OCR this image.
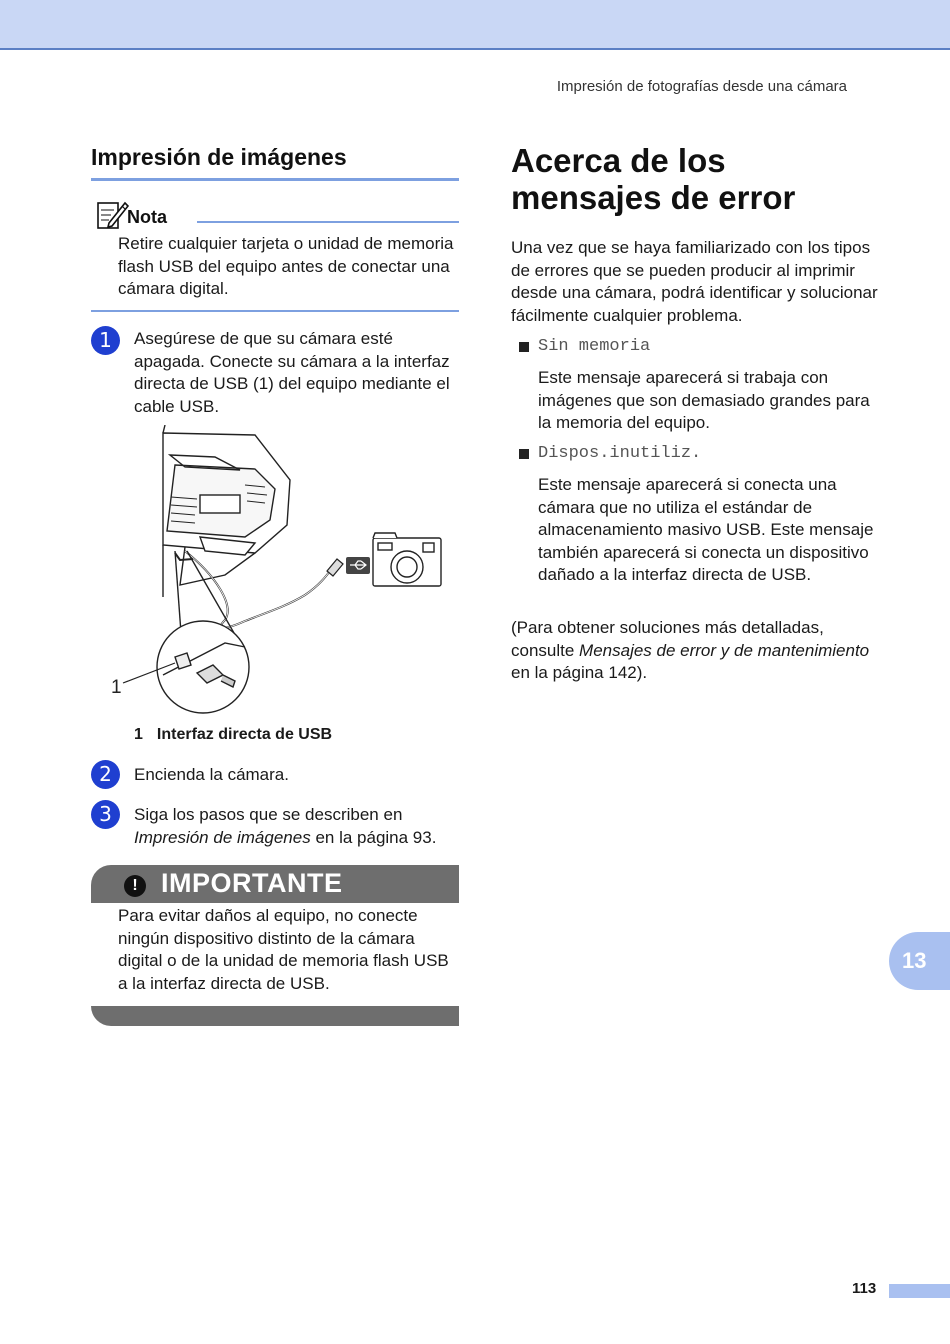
Impresión de fotografías desde una cámara
Impresión de imágenes
Nota
Retire cualquier tarjeta o unidad de memoria flash USB del equipo antes de conectar una cámara digital.
1	Asegúrese de que su cámara esté apagada. Conecte su cámara a la interfaz directa de USB (1) del equipo mediante el cable USB.
1
1 Interfaz directa de USB
2	Encienda la cámara.
3	Siga los pasos que se describen en Impresión de imágenes en la página 93.
! IMPORTANTE
Para evitar daños al equipo, no conecte ningún dispositivo distinto de la cámara digital o de la unidad de memoria flash USB a la interfaz directa de USB.
Acerca de los
mensajes de error
Una vez que se haya familiarizado con los tipos de errores que se pueden producir al imprimir desde una cámara, podrá identificar y solucionar fácilmente cualquier problema.
Sin memoria
Este mensaje aparecerá si trabaja con imágenes que son demasiado grandes para la memoria del equipo.
Dispos.inutiliz.
Este mensaje aparecerá si conecta una cámara que no utiliza el estándar de almacenamiento masivo USB. Este mensaje también aparecerá si conecta un dispositivo dañado a la interfaz directa de USB.
(Para obtener soluciones más detalladas, consulte Mensajes de error y de mantenimiento en la página 142).
13
113
